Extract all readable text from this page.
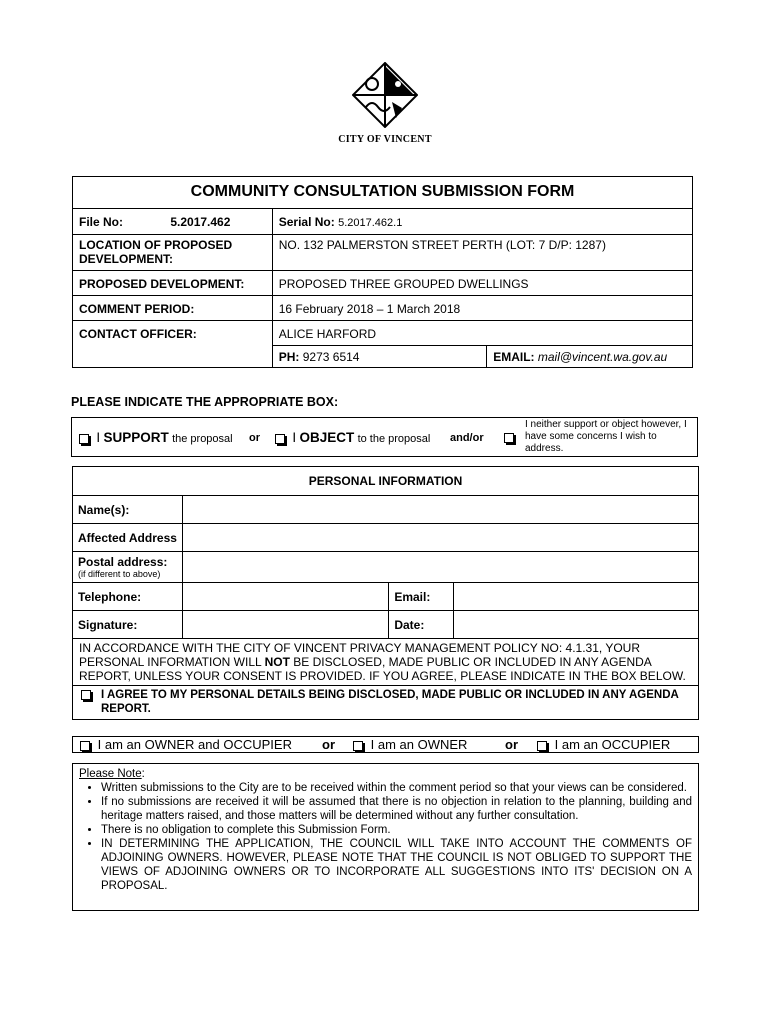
CITY OF VINCENT
COMMUNITY CONSULTATION SUBMISSION FORM		
File No: 5.2017.462	Serial No: 5.2017.462.1	
LOCATION OF PROPOSED DEVELOPMENT:	NO. 132 PALMERSTON STREET PERTH (LOT: 7 D/P: 1287)	
PROPOSED DEVELOPMENT:	PROPOSED THREE GROUPED DWELLINGS	
COMMENT PERIOD:	16 February 2018 – 1 March 2018	
CONTACT OFFICER:	ALICE HARFORD	
	PH: 9273 6514	EMAIL: mail@vincent.wa.gov.au
PLEASE INDICATE THE APPROPRIATE BOX:
I SUPPORT the proposal or	I OBJECT to the proposal and/or
I neither support or object however, I have some concerns I wish to address.
PERSONAL INFORMATION			
Name(s):			
Affected Address			

Postal address:
(if different to above)			

Telephone:		Email:	
Signature:		Date:	
IN ACCORDANCE WITH THE CITY OF VINCENT PRIVACY MANAGEMENT POLICY NO: 4.1.31, YOUR PERSONAL INFORMATION WILL NOT BE DISCLOSED, MADE PUBLIC OR INCLUDED IN ANY AGENDA REPORT, UNLESS YOUR CONSENT IS PROVIDED. IF YOU AGREE, PLEASE INDICATE IN THE BOX BELOW.			

I AGREE TO MY PERSONAL DETAILS BEING DISCLOSED, MADE PUBLIC OR INCLUDED IN ANY AGENDA REPORT.			
I am an OWNER and OCCUPIER or	I am an OWNER	or	I am an OCCUPIER
Please Note:
• Written submissions to the City are to be received within the comment period so that your views can be considered.
• If no submissions are received it will be assumed that there is no objection in relation to the planning, building and heritage matters raised, and those matters will be determined without any further consultation.
• There is no obligation to complete this Submission Form.
• IN DETERMINING THE APPLICATION, THE COUNCIL WILL TAKE INTO ACCOUNT THE COMMENTS OF ADJOINING OWNERS. HOWEVER, PLEASE NOTE THAT THE COUNCIL IS NOT OBLIGED TO SUPPORT THE VIEWS OF ADJOINING OWNERS OR TO INCORPORATE ALL SUGGESTIONS INTO ITS' DECISION ON A PROPOSAL.
